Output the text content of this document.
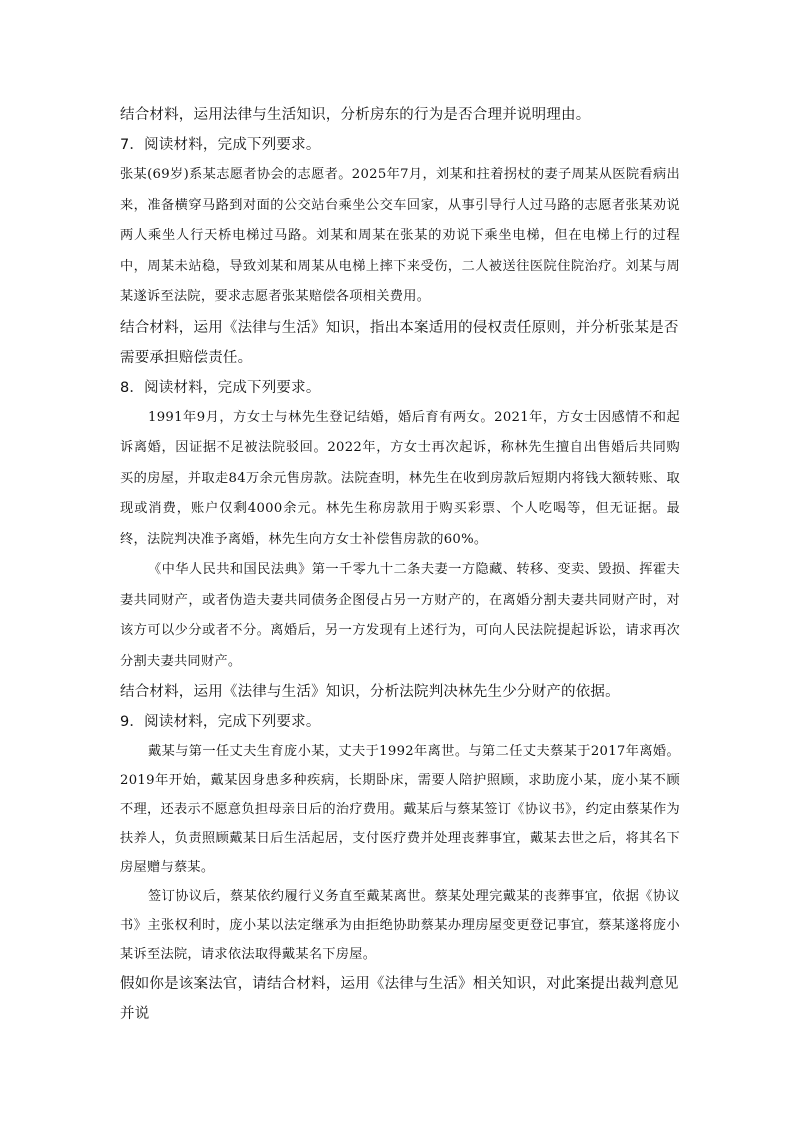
结合材料，运用法律与生活知识，分析房东的行为是否合理并说明理由。

7．阅读材料，完成下列要求。

张某(69岁)系某志愿者协会的志愿者。2025年7月，刘某和拄着拐杖的妻子周某从医院看病出来，准备横穿马路到对面的公交站台乘坐公交车回家，从事引导行人过马路的志愿者张某劝说两人乘坐人行天桥电梯过马路。刘某和周某在张某的劝说下乘坐电梯，但在电梯上行的过程中，周某未站稳，导致刘某和周某从电梯上摔下来受伤，二人被送往医院住院治疗。刘某与周某遂诉至法院，要求志愿者张某赔偿各项相关费用。

结合材料，运用《法律与生活》知识，指出本案适用的侵权责任原则，并分析张某是否需要承担赔偿责任。

8．阅读材料，完成下列要求。

1991年9月，方女士与林先生登记结婚，婚后育有两女。2021年，方女士因感情不和起诉离婚，因证据不足被法院驳回。2022年，方女士再次起诉，称林先生擅自出售婚后共同购买的房屋，并取走84万余元售房款。法院查明，林先生在收到房款后短期内将钱大额转账、取现或消费，账户仅剩4000余元。林先生称房款用于购买彩票、个人吃喝等，但无证据。最终，法院判决准予离婚，林先生向方女士补偿售房款的60%。

《中华人民共和国民法典》第一千零九十二条夫妻一方隐藏、转移、变卖、毁损、挥霍夫妻共同财产，或者伪造夫妻共同债务企图侵占另一方财产的，在离婚分割夫妻共同财产时，对该方可以少分或者不分。离婚后，另一方发现有上述行为，可向人民法院提起诉讼，请求再次分割夫妻共同财产。

结合材料，运用《法律与生活》知识，分析法院判决林先生少分财产的依据。

9．阅读材料，完成下列要求。

戴某与第一任丈夫生育庞小某，丈夫于1992年离世。与第二任丈夫蔡某于2017年离婚。2019年开始，戴某因身患多种疾病，长期卧床，需要人陪护照顾，求助庞小某，庞小某不顾不理，还表示不愿意负担母亲日后的治疗费用。戴某后与蔡某签订《协议书》，约定由蔡某作为扶养人，负责照顾戴某日后生活起居，支付医疗费并处理丧葬事宜，戴某去世之后，将其名下房屋赠与蔡某。

签订协议后，蔡某依约履行义务直至戴某离世。蔡某处理完戴某的丧葬事宜，依据《协议书》主张权利时，庞小某以法定继承为由拒绝协助蔡某办理房屋变更登记事宜，蔡某遂将庞小某诉至法院，请求依法取得戴某名下房屋。

假如你是该案法官，请结合材料，运用《法律与生活》相关知识，对此案提出裁判意见并说
